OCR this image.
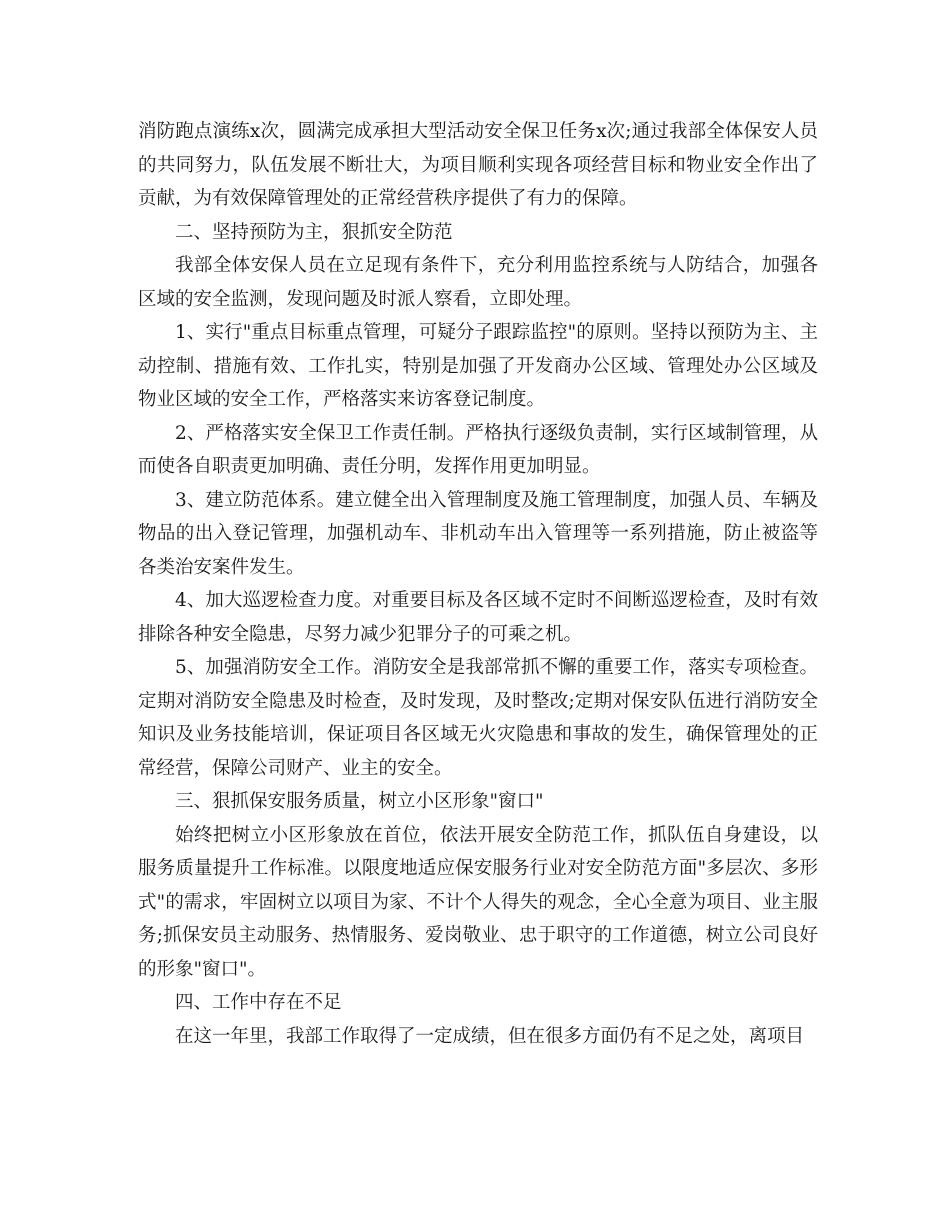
消防跑点演练x次，圆满完成承担大型活动安全保卫任务x次;通过我部全体保安人员的共同努力，队伍发展不断壮大，为项目顺利实现各项经营目标和物业安全作出了贡献，为有效保障管理处的正常经营秩序提供了有力的保障。

二、坚持预防为主，狠抓安全防范

我部全体安保人员在立足现有条件下，充分利用监控系统与人防结合，加强各区域的安全监测，发现问题及时派人察看，立即处理。

1、实行"重点目标重点管理，可疑分子跟踪监控"的原则。坚持以预防为主、主动控制、措施有效、工作扎实，特别是加强了开发商办公区域、管理处办公区域及物业区域的安全工作，严格落实来访客登记制度。

2、严格落实安全保卫工作责任制。严格执行逐级负责制，实行区域制管理，从而使各自职责更加明确、责任分明，发挥作用更加明显。

3、建立防范体系。建立健全出入管理制度及施工管理制度，加强人员、车辆及物品的出入登记管理，加强机动车、非机动车出入管理等一系列措施，防止被盗等各类治安案件发生。

4、加大巡逻检查力度。对重要目标及各区域不定时不间断巡逻检查，及时有效排除各种安全隐患，尽努力减少犯罪分子的可乘之机。

5、加强消防安全工作。消防安全是我部常抓不懈的重要工作，落实专项检查。定期对消防安全隐患及时检查，及时发现，及时整改;定期对保安队伍进行消防安全知识及业务技能培训，保证项目各区域无火灾隐患和事故的发生，确保管理处的正常经营，保障公司财产、业主的安全。

三、狠抓保安服务质量，树立小区形象"窗口"

始终把树立小区形象放在首位，依法开展安全防范工作，抓队伍自身建设，以服务质量提升工作标准。以限度地适应保安服务行业对安全防范方面"多层次、多形式"的需求，牢固树立以项目为家、不计个人得失的观念，全心全意为项目、业主服务;抓保安员主动服务、热情服务、爱岗敬业、忠于职守的工作道德，树立公司良好的形象"窗口"。

四、工作中存在不足

在这一年里，我部工作取得了一定成绩，但在很多方面仍有不足之处，离项目
